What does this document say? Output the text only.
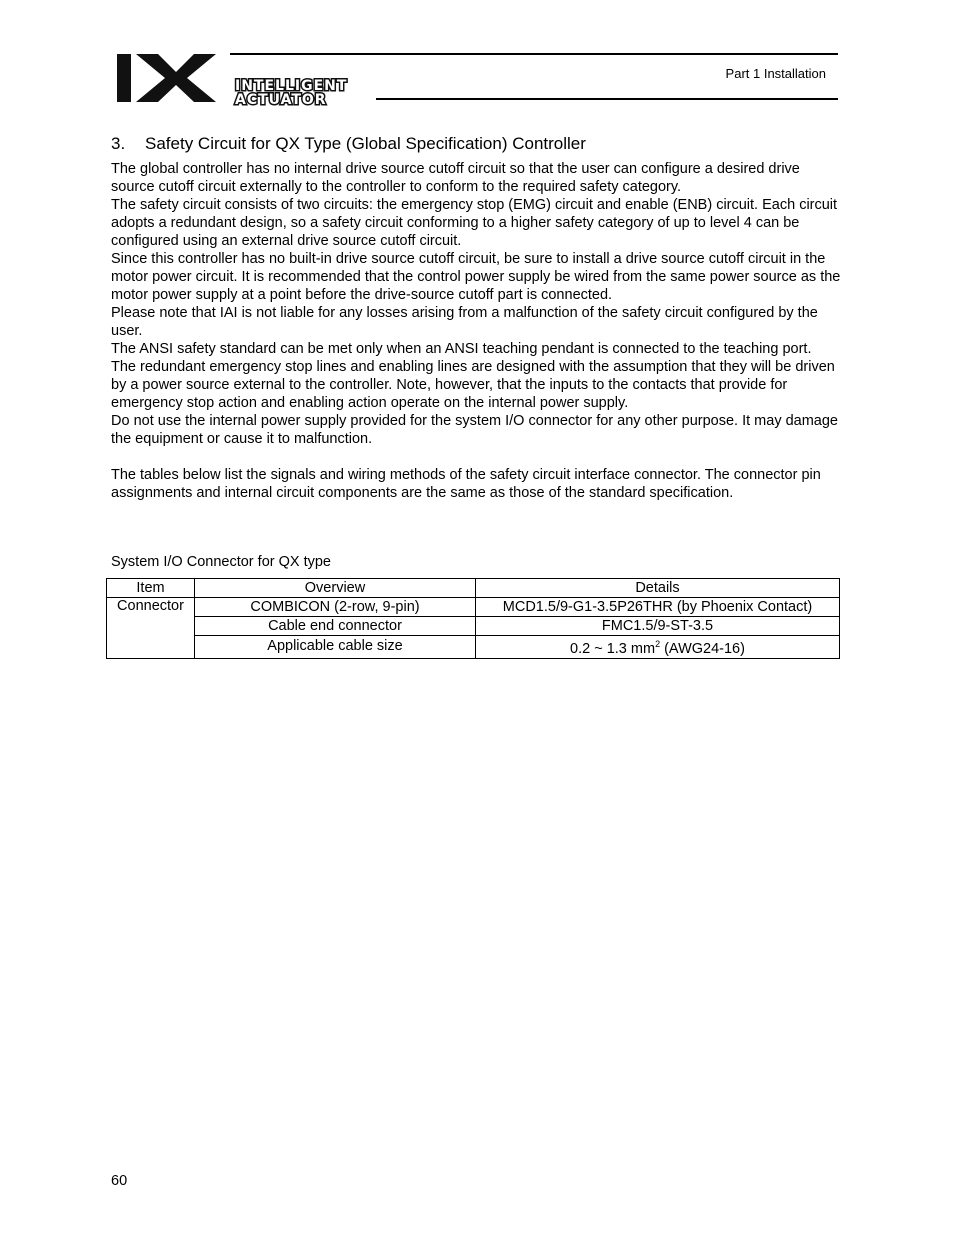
INTELLIGENT
ACTUATOR
Part 1 Installation
3. Safety Circuit for QX Type (Global Specification) Controller

The global controller has no internal drive source cutoff circuit so that the user can configure a desired drive source cutoff circuit externally to the controller to conform to the required safety category.

The safety circuit consists of two circuits: the emergency stop (EMG) circuit and enable (ENB) circuit. Each circuit adopts a redundant design, so a safety circuit conforming to a higher safety category of up to level 4 can be configured using an external drive source cutoff circuit.

Since this controller has no built-in drive source cutoff circuit, be sure to install a drive source cutoff circuit in the motor power circuit. It is recommended that the control power supply be wired from the same power source as the motor power supply at a point before the drive-source cutoff part is connected.

Please note that IAI is not liable for any losses arising from a malfunction of the safety circuit configured by the user.

The ANSI safety standard can be met only when an ANSI teaching pendant is connected to the teaching port.

The redundant emergency stop lines and enabling lines are designed with the assumption that they will be driven by a power source external to the controller. Note, however, that the inputs to the contacts that provide for emergency stop action and enabling action operate on the internal power supply.

Do not use the internal power supply provided for the system I/O connector for any other purpose. It may damage the equipment or cause it to malfunction.

The tables below list the signals and wiring methods of the safety circuit interface connector. The connector pin assignments and internal circuit components are the same as those of the standard specification.

System I/O Connector for QX type
Item	Overview	Details
Connector	COMBICON (2-row, 9-pin)	MCD1.5/9-G1-3.5P26THR (by Phoenix Contact)
	Cable end connector	FMC1.5/9-ST-3.5
	Applicable cable size	0.2 ~ 1.3 $mm^2$ (AWG24-16)
60
